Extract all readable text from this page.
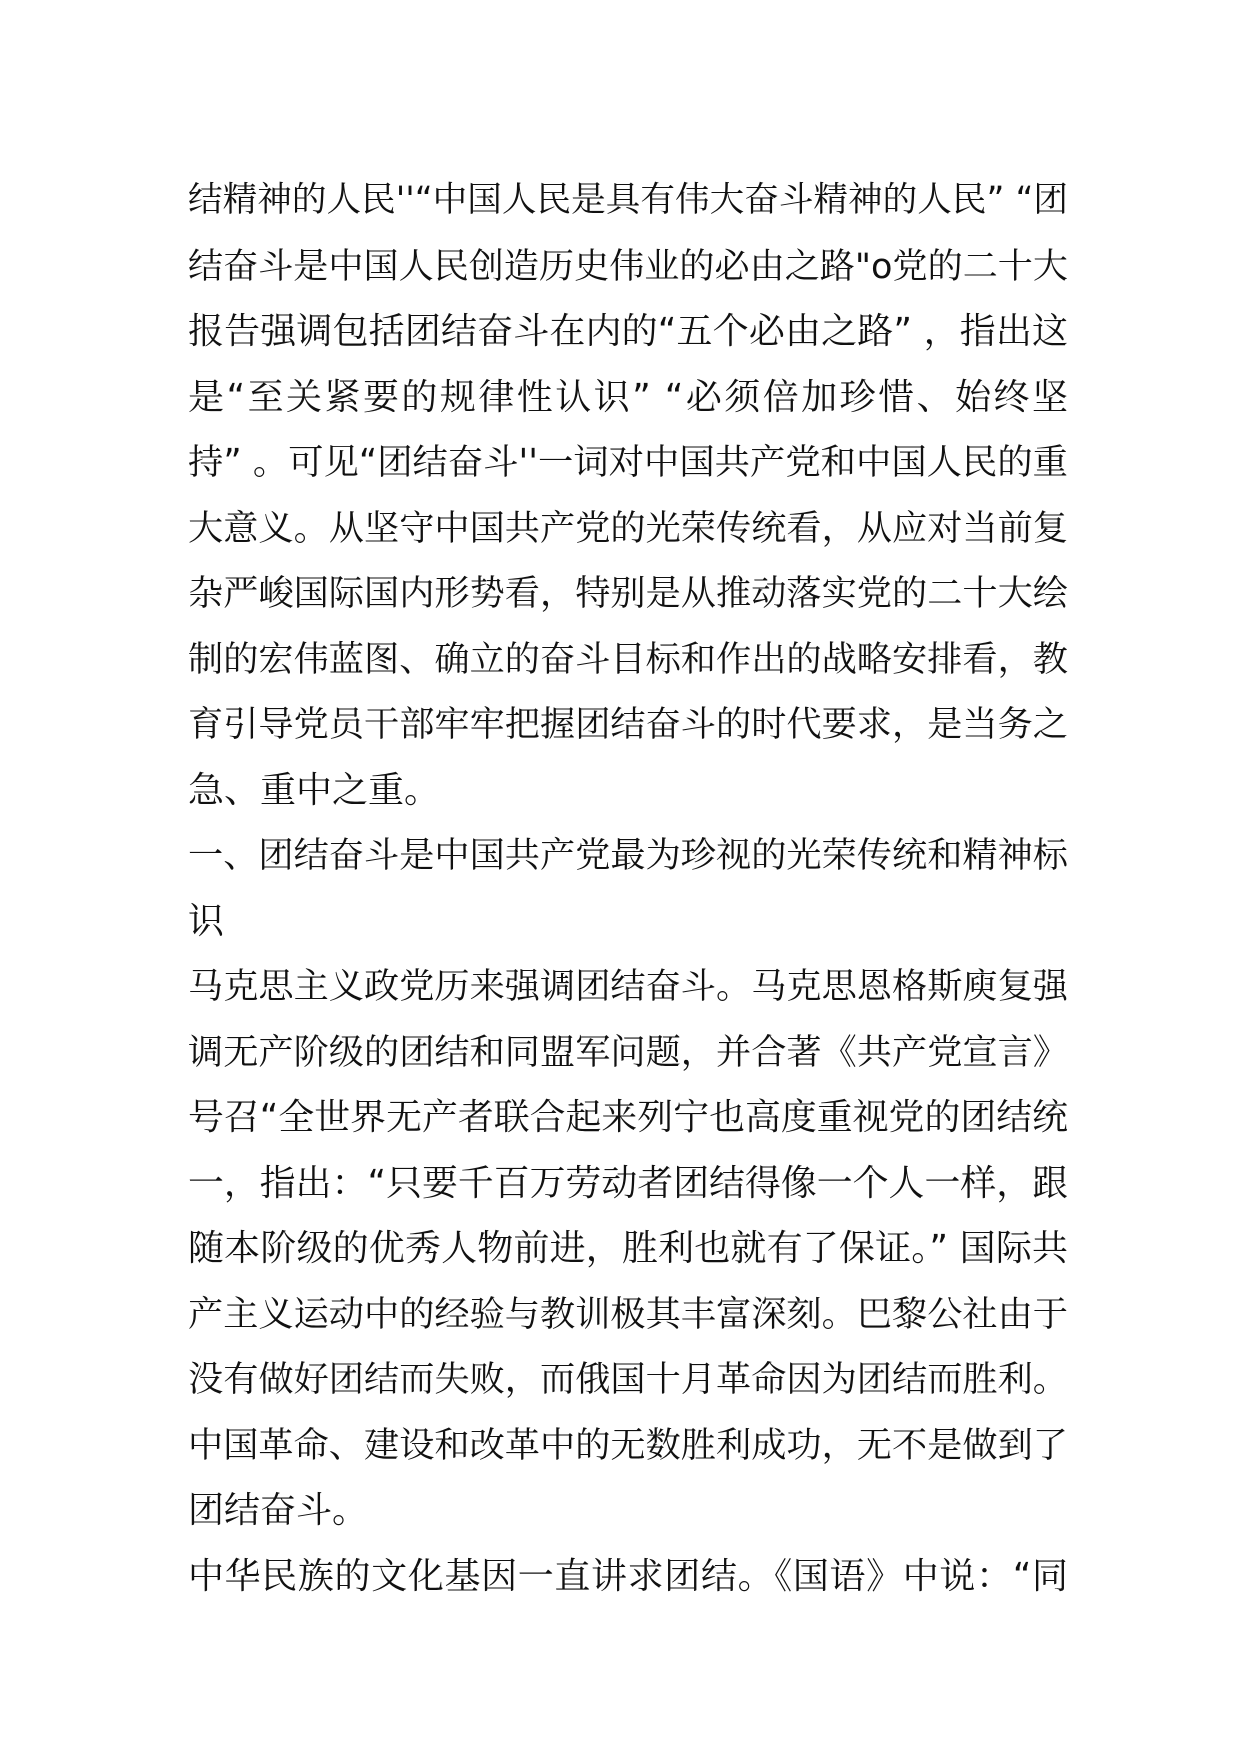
结精神的人民''“中国人民是具有伟大奋斗精神的人民” “团
结奋斗是中国人民创造历史伟业的必由之路"o党的二十大
报告强调包括团结奋斗在内的“五个必由之路” ，指出这
是“至关紧要的规律性认识” “必须倍加珍惜、始终坚
持” 。可见“团结奋斗''一词对中国共产党和中国人民的重
大意义。从坚守中国共产党的光荣传统看，从应对当前复
杂严峻国际国内形势看，特别是从推动落实党的二十大绘
制的宏伟蓝图、确立的奋斗目标和作出的战略安排看，教
育引导党员干部牢牢把握团结奋斗的时代要求，是当务之
急、重中之重。
一、团结奋斗是中国共产党最为珍视的光荣传统和精神标
识
马克思主义政党历来强调团结奋斗。马克思恩格斯庾复强
调无产阶级的团结和同盟军问题，并合著《共产党宣言》
号召“全世界无产者联合起来列宁也高度重视党的团结统
一，指出：“只要千百万劳动者团结得像一个人一样，跟
随本阶级的优秀人物前进，胜利也就有了保证。” 国际共
产主义运动中的经验与教训极其丰富深刻。巴黎公社由于
没有做好团结而失败，而俄国十月革命因为团结而胜利。
中国革命、建设和改革中的无数胜利成功，无不是做到了
团结奋斗。
中华民族的文化基因一直讲求团结。《国语》中说：“同
